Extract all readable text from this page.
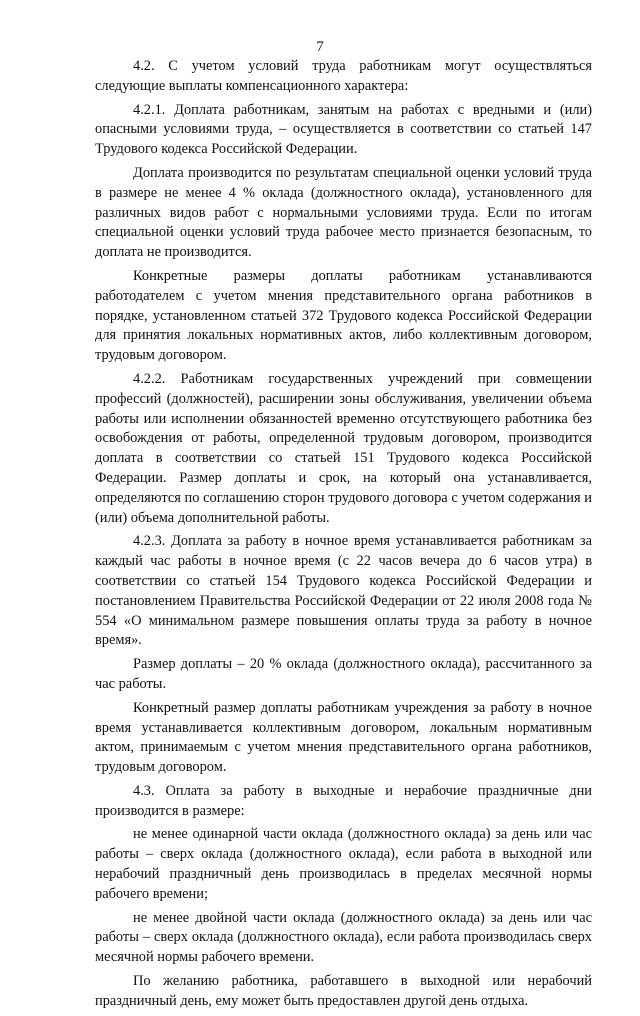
7

4.2. С учетом условий труда работникам могут осуществляться следующие выплаты компенсационного характера:

4.2.1. Доплата работникам, занятым на работах с вредными и (или) опасными условиями труда, – осуществляется в соответствии со статьей 147 Трудового кодекса Российской Федерации.

Доплата производится по результатам специальной оценки условий труда в размере не менее 4 % оклада (должностного оклада), установленного для различных видов работ с нормальными условиями труда. Если по итогам специальной оценки условий труда рабочее место признается безопасным, то доплата не производится.

Конкретные размеры доплаты работникам устанавливаются работодателем с учетом мнения представительного органа работников в порядке, установленном статьей 372 Трудового кодекса Российской Федерации для принятия локальных нормативных актов, либо коллективным договором, трудовым договором.

4.2.2. Работникам государственных учреждений при совмещении профессий (должностей), расширении зоны обслуживания, увеличении объема работы или исполнении обязанностей временно отсутствующего работника без освобождения от работы, определенной трудовым договором, производится доплата в соответствии со статьей 151 Трудового кодекса Российской Федерации. Размер доплаты и срок, на который она устанавливается, определяются по соглашению сторон трудового договора с учетом содержания и (или) объема дополнительной работы.

4.2.3. Доплата за работу в ночное время устанавливается работникам за каждый час работы в ночное время (с 22 часов вечера до 6 часов утра) в соответствии со статьей 154 Трудового кодекса Российской Федерации и постановлением Правительства Российской Федерации от 22 июля 2008 года № 554 «О минимальном размере повышения оплаты труда за работу в ночное время».

Размер доплаты – 20 % оклада (должностного оклада), рассчитанного за час работы.

Конкретный размер доплаты работникам учреждения за работу в ночное время устанавливается коллективным договором, локальным нормативным актом, принимаемым с учетом мнения представительного органа работников, трудовым договором.

4.3. Оплата за работу в выходные и нерабочие праздничные дни производится в размере:

не менее одинарной части оклада (должностного оклада) за день или час работы – сверх оклада (должностного оклада), если работа в выходной или нерабочий праздничный день производилась в пределах месячной нормы рабочего времени;

не менее двойной части оклада (должностного оклада) за день или час работы – сверх оклада (должностного оклада), если работа производилась сверх месячной нормы рабочего времени.

По желанию работника, работавшего в выходной или нерабочий праздничный день, ему может быть предоставлен другой день отдыха.
